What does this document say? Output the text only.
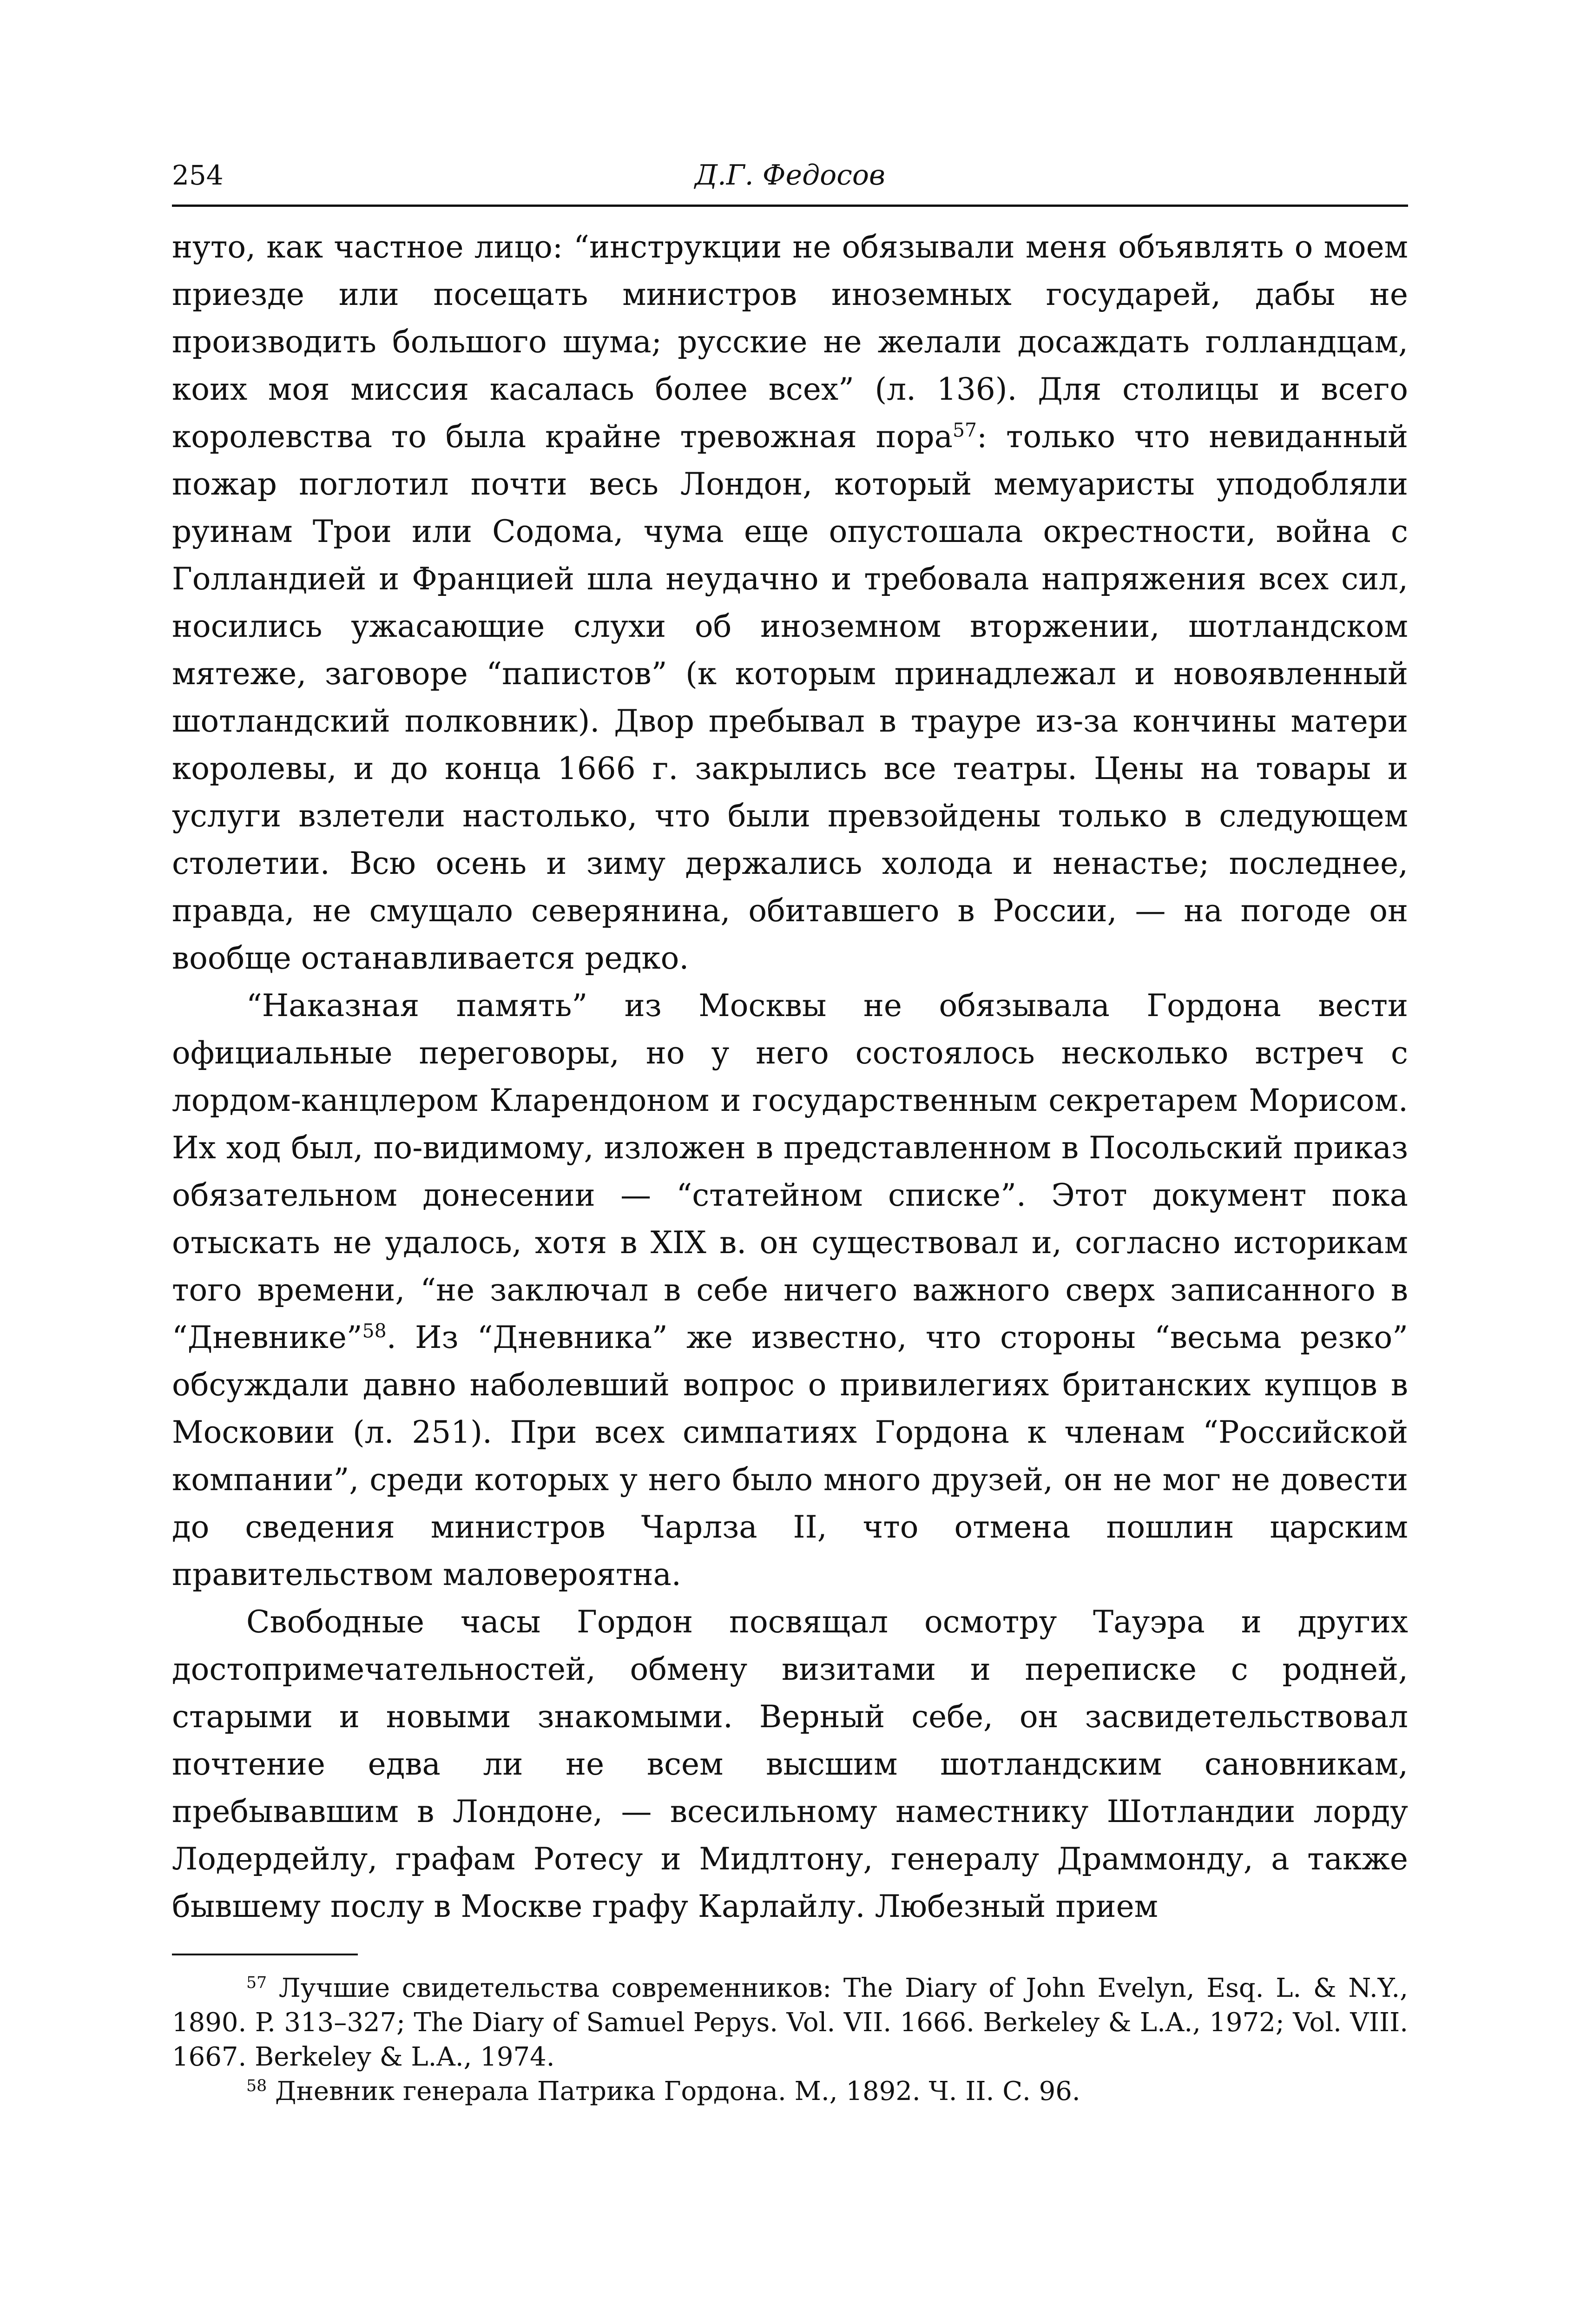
254	Д.Г. Федосов

нуто, как частное лицо: “инструкции не обязывали меня объявлять о моем приезде или посещать министров иноземных государей, дабы не производить большого шума; русские не желали досаждать голландцам, коих моя миссия касалась более всех” (л. 136). Для столицы и всего королевства то была крайне тревожная пора$^{57}$: только что невиданный пожар поглотил почти весь Лондон, который мемуаристы уподобляли руинам Трои или Содома, чума еще опустошала окрестности, война с Голландией и Францией шла неудачно и требовала напряжения всех сил, носились ужасающие слухи об иноземном вторжении, шотландском мятеже, заговоре “папистов” (к которым принадлежал и новоявленный шотландский полковник). Двор пребывал в трауре из-за кончины матери королевы, и до конца 1666 г. закрылись все театры. Цены на товары и услуги взлетели настолько, что были превзойдены только в следующем столетии. Всю осень и зиму держались холода и ненастье; последнее, правда, не смущало северянина, обитавшего в России, — на погоде он вообще останавливается редко.

“Наказная память” из Москвы не обязывала Гордона вести официальные переговоры, но у него состоялось несколько встреч с лордом-канцлером Кларендоном и государственным секретарем Морисом. Их ход был, по-видимому, изложен в представленном в Посольский приказ обязательном донесении — “статейном списке”. Этот документ пока отыскать не удалось, хотя в XIX в. он существовал и, согласно историкам того времени, “не заключал в себе ничего важного сверх записанного в “Дневнике”$^{58}$. Из “Дневника” же известно, что стороны “весьма резко” обсуждали давно наболевший вопрос о привилегиях британских купцов в Московии (л. 251). При всех симпатиях Гордона к членам “Российской компании”, среди которых у него было много друзей, он не мог не довести до сведения министров Чарлза II, что отмена пошлин царским правительством маловероятна.

Свободные часы Гордон посвящал осмотру Тауэра и других достопримечательностей, обмену визитами и переписке с родней, старыми и новыми знакомыми. Верный себе, он засвидетельствовал почтение едва ли не всем высшим шотландским сановникам, пребывавшим в Лондоне, — всесильному наместнику Шотландии лорду Лодердейлу, графам Ротесу и Мидлтону, генералу Драммонду, а также бывшему послу в Москве графу Карлайлу. Любезный прием

$^{57}$ Лучшие свидетельства современников: The Diary of John Evelyn, Esq. L. & N.Y., 1890. P. 313–327; The Diary of Samuel Pepys. Vol. VII. 1666. Berkeley & L.A., 1972; Vol. VIII. 1667. Berkeley & L.A., 1974.

$^{58}$ Дневник генерала Патрика Гордона. М., 1892. Ч. II. С. 96.
